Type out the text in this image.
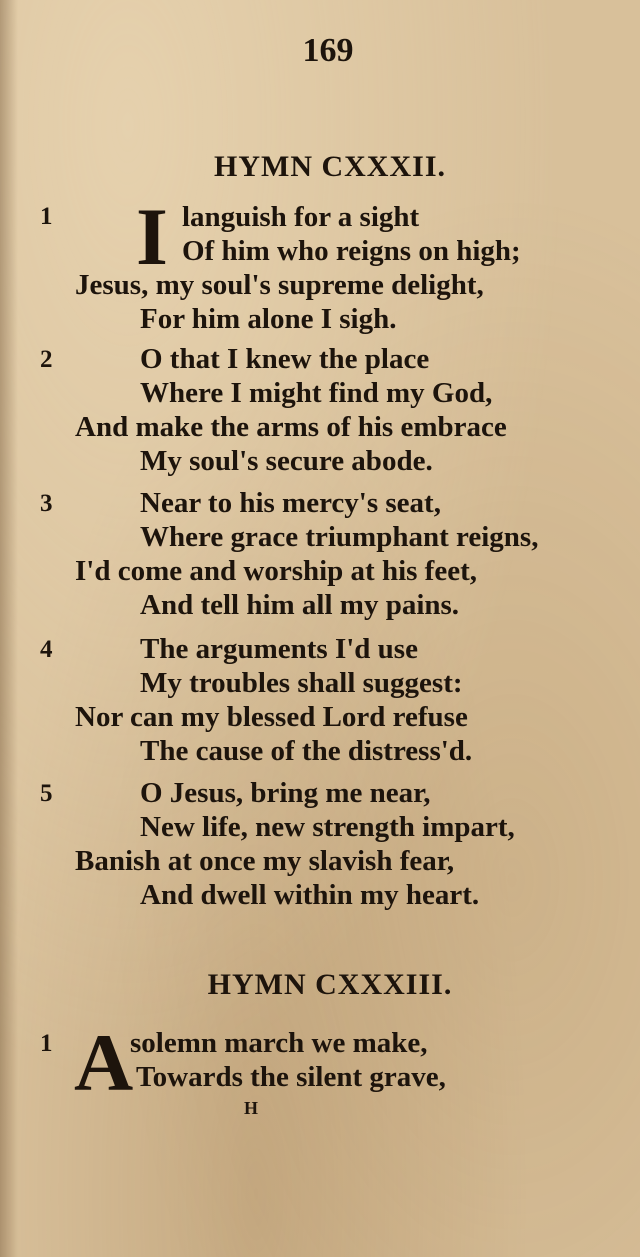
169
HYMN CXXXII.
1 I languish for a sight
Of him who reigns on high;
Jesus, my soul's supreme delight,
For him alone I sigh.
2	O that I knew the place
Where I might find my God,
And make the arms of his embrace
My soul's secure abode.
3	Near to his mercy's seat,
Where grace triumphant reigns,
I'd come and worship at his feet,
And tell him all my pains.
4	The arguments I'd use
My troubles shall suggest:
Nor can my blessed Lord refuse
The cause of the distress'd.
5	O Jesus, bring me near,
New life, new strength impart,
Banish at once my slavish fear,
And dwell within my heart.
HYMN CXXXIII.
1 A
solemn march we make,
Towards the silent grave,
H
